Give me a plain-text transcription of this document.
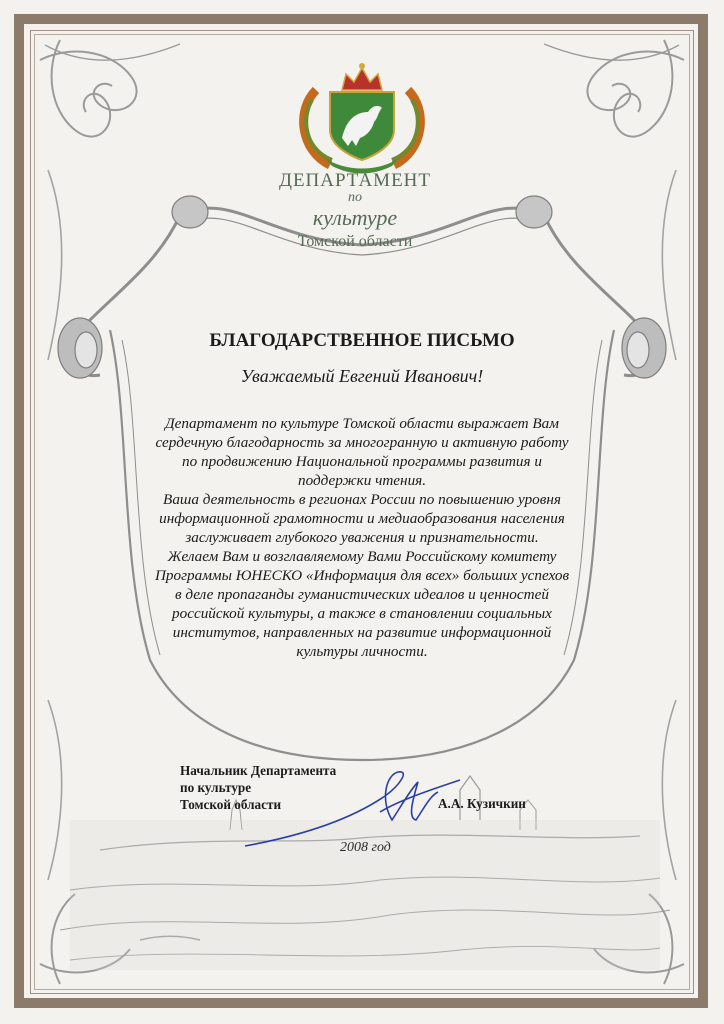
ДЕПАРТАМЕНТ
по
культуре
Томской области
БЛАГОДАРСТВЕННОЕ ПИСЬМО
Уважаемый Евгений Иванович!

Департамент по культуре Томской области выражает Вам сердечную благодарность за многогранную и активную работу по продвижению Национальной программы развития и поддержки чтения.

Ваша деятельность в регионах России по повышению уровня информационной грамотности и медиаобразования населения заслуживает глубокого уважения и признательности.

Желаем Вам и возглавляемому Вами Российскому комитету Программы ЮНЕСКО «Информация для всех» больших успехов в деле пропаганды гуманистических идеалов и ценностей российской культуры, а также в становлении социальных институтов, направленных на развитие информационной культуры личности.

Начальник Департамента
по культуре
Томской области	А.А. Кузичкин
2008 год
